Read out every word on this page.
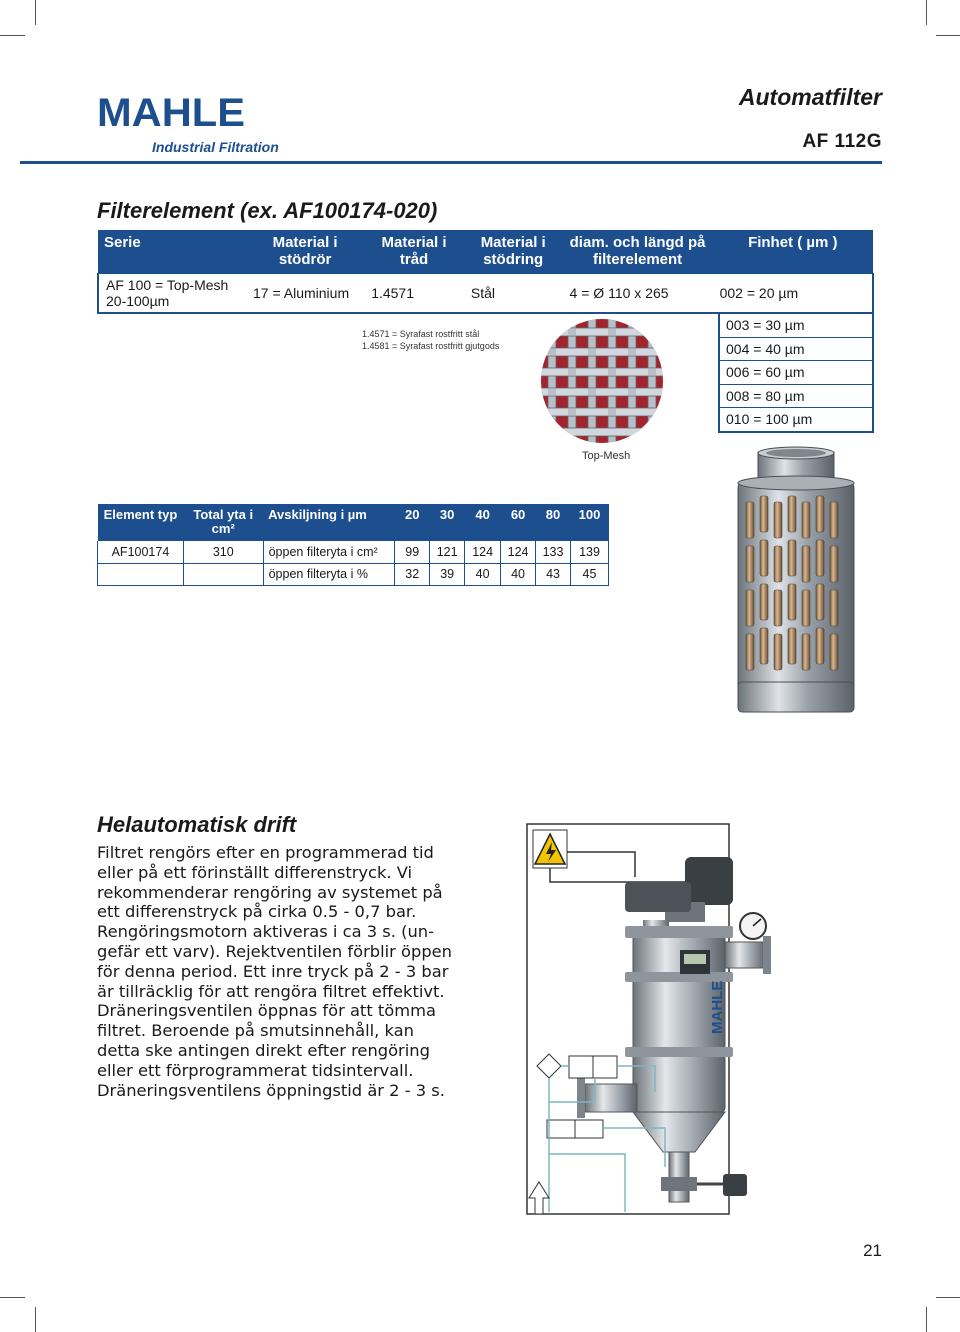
MAHLE
Industrial Filtration
Automatfilter
AF 112G
Filterelement (ex. AF100174-020)
Serie	Material i stödrör	Material i tråd	Material i stödring	diam. och längd på filterelement	Finhet ( µm )
AF 100 = Top-Mesh
20-100µm	17 = Aluminium	1.4571	Stål	4 = Ø 110 x 265	002 = 20 µm
003 = 30 µm
004 = 40 µm
006 = 60 µm
008 = 80 µm
010 = 100 µm
1.4571 = Syrafast rostfritt stål
1.4581 = Syrafast rostfritt gjutgods
Top-Mesh
Element typ	Total yta i cm²	Avskiljning i µm	20	30	40	60	80	100
AF100174	310	öppen filteryta i cm²	99	121	124	124	133	139
		öppen filteryta i %	32	39	40	40	43	45
Helautomatisk drift
Filtret rengörs efter en programmerad tid
eller på ett förinställt differenstryck. Vi
rekommenderar rengöring av systemet på
ett differenstryck på cirka 0.5 - 0,7 bar.
Rengöringsmotorn aktiveras i ca 3 s. (un-
gefär ett varv). Rejektventilen förblir öppen
för denna period. Ett inre tryck på 2 - 3 bar
är tillräcklig för att rengöra filtret effektivt.
Dräneringsventilen öppnas för att tömma
filtret. Beroende på smutsinnehåll, kan
detta ske antingen direkt efter rengöring
eller ett förprogrammerat tidsintervall.
Dräneringsventilens öppningstid är 2 - 3 s.
MAHLE
21
